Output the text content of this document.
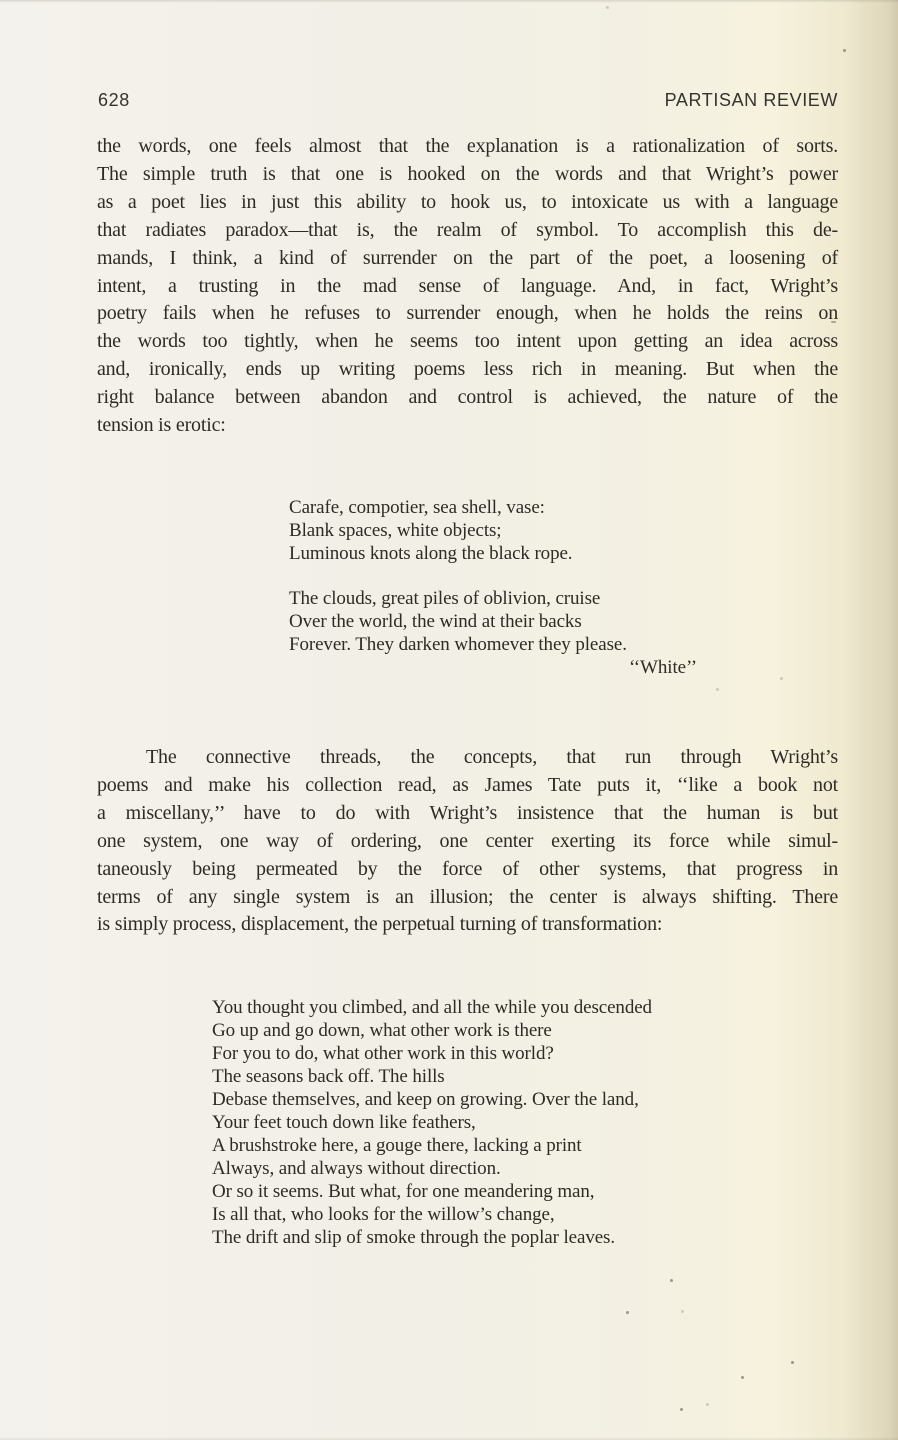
628	PARTISAN REVIEW
the words, one feels almost that the explanation is a rationalization of sorts.
The simple truth is that one is hooked on the words and that Wright’s power
as a poet lies in just this ability to hook us, to intoxicate us with a language
that radiates paradox—that is, the realm of symbol. To accomplish this de-
mands, I think, a kind of surrender on the part of the poet, a loosening of
intent, a trusting in the mad sense of language. And, in fact, Wright’s
poetry fails when he refuses to surrender enough, when he holds the reins on
the words too tightly, when he seems too intent upon getting an idea across
and, ironically, ends up writing poems less rich in meaning. But when the
right balance between abandon and control is achieved, the nature of the
tension is erotic:
Carafe, compotier, sea shell, vase:
Blank spaces, white objects;
Luminous knots along the black rope.
The clouds, great piles of oblivion, cruise
Over the world, the wind at their backs
Forever. They darken whomever they please.
‘‘White’’
The connective threads, the concepts, that run through Wright’s
poems and make his collection read, as James Tate puts it, ‘‘like a book not
a miscellany,’’ have to do with Wright’s insistence that the human is but
one system, one way of ordering, one center exerting its force while simul-
taneously being permeated by the force of other systems, that progress in
terms of any single system is an illusion; the center is always shifting. There
is simply process, displacement, the perpetual turning of transformation:
You thought you climbed, and all the while you descended
Go up and go down, what other work is there
For you to do, what other work in this world?
The seasons back off. The hills
Debase themselves, and keep on growing. Over the land,
Your feet touch down like feathers,
A brushstroke here, a gouge there, lacking a print
Always, and always without direction.
Or so it seems. But what, for one meandering man,
Is all that, who looks for the willow’s change,
The drift and slip of smoke through the poplar leaves.
